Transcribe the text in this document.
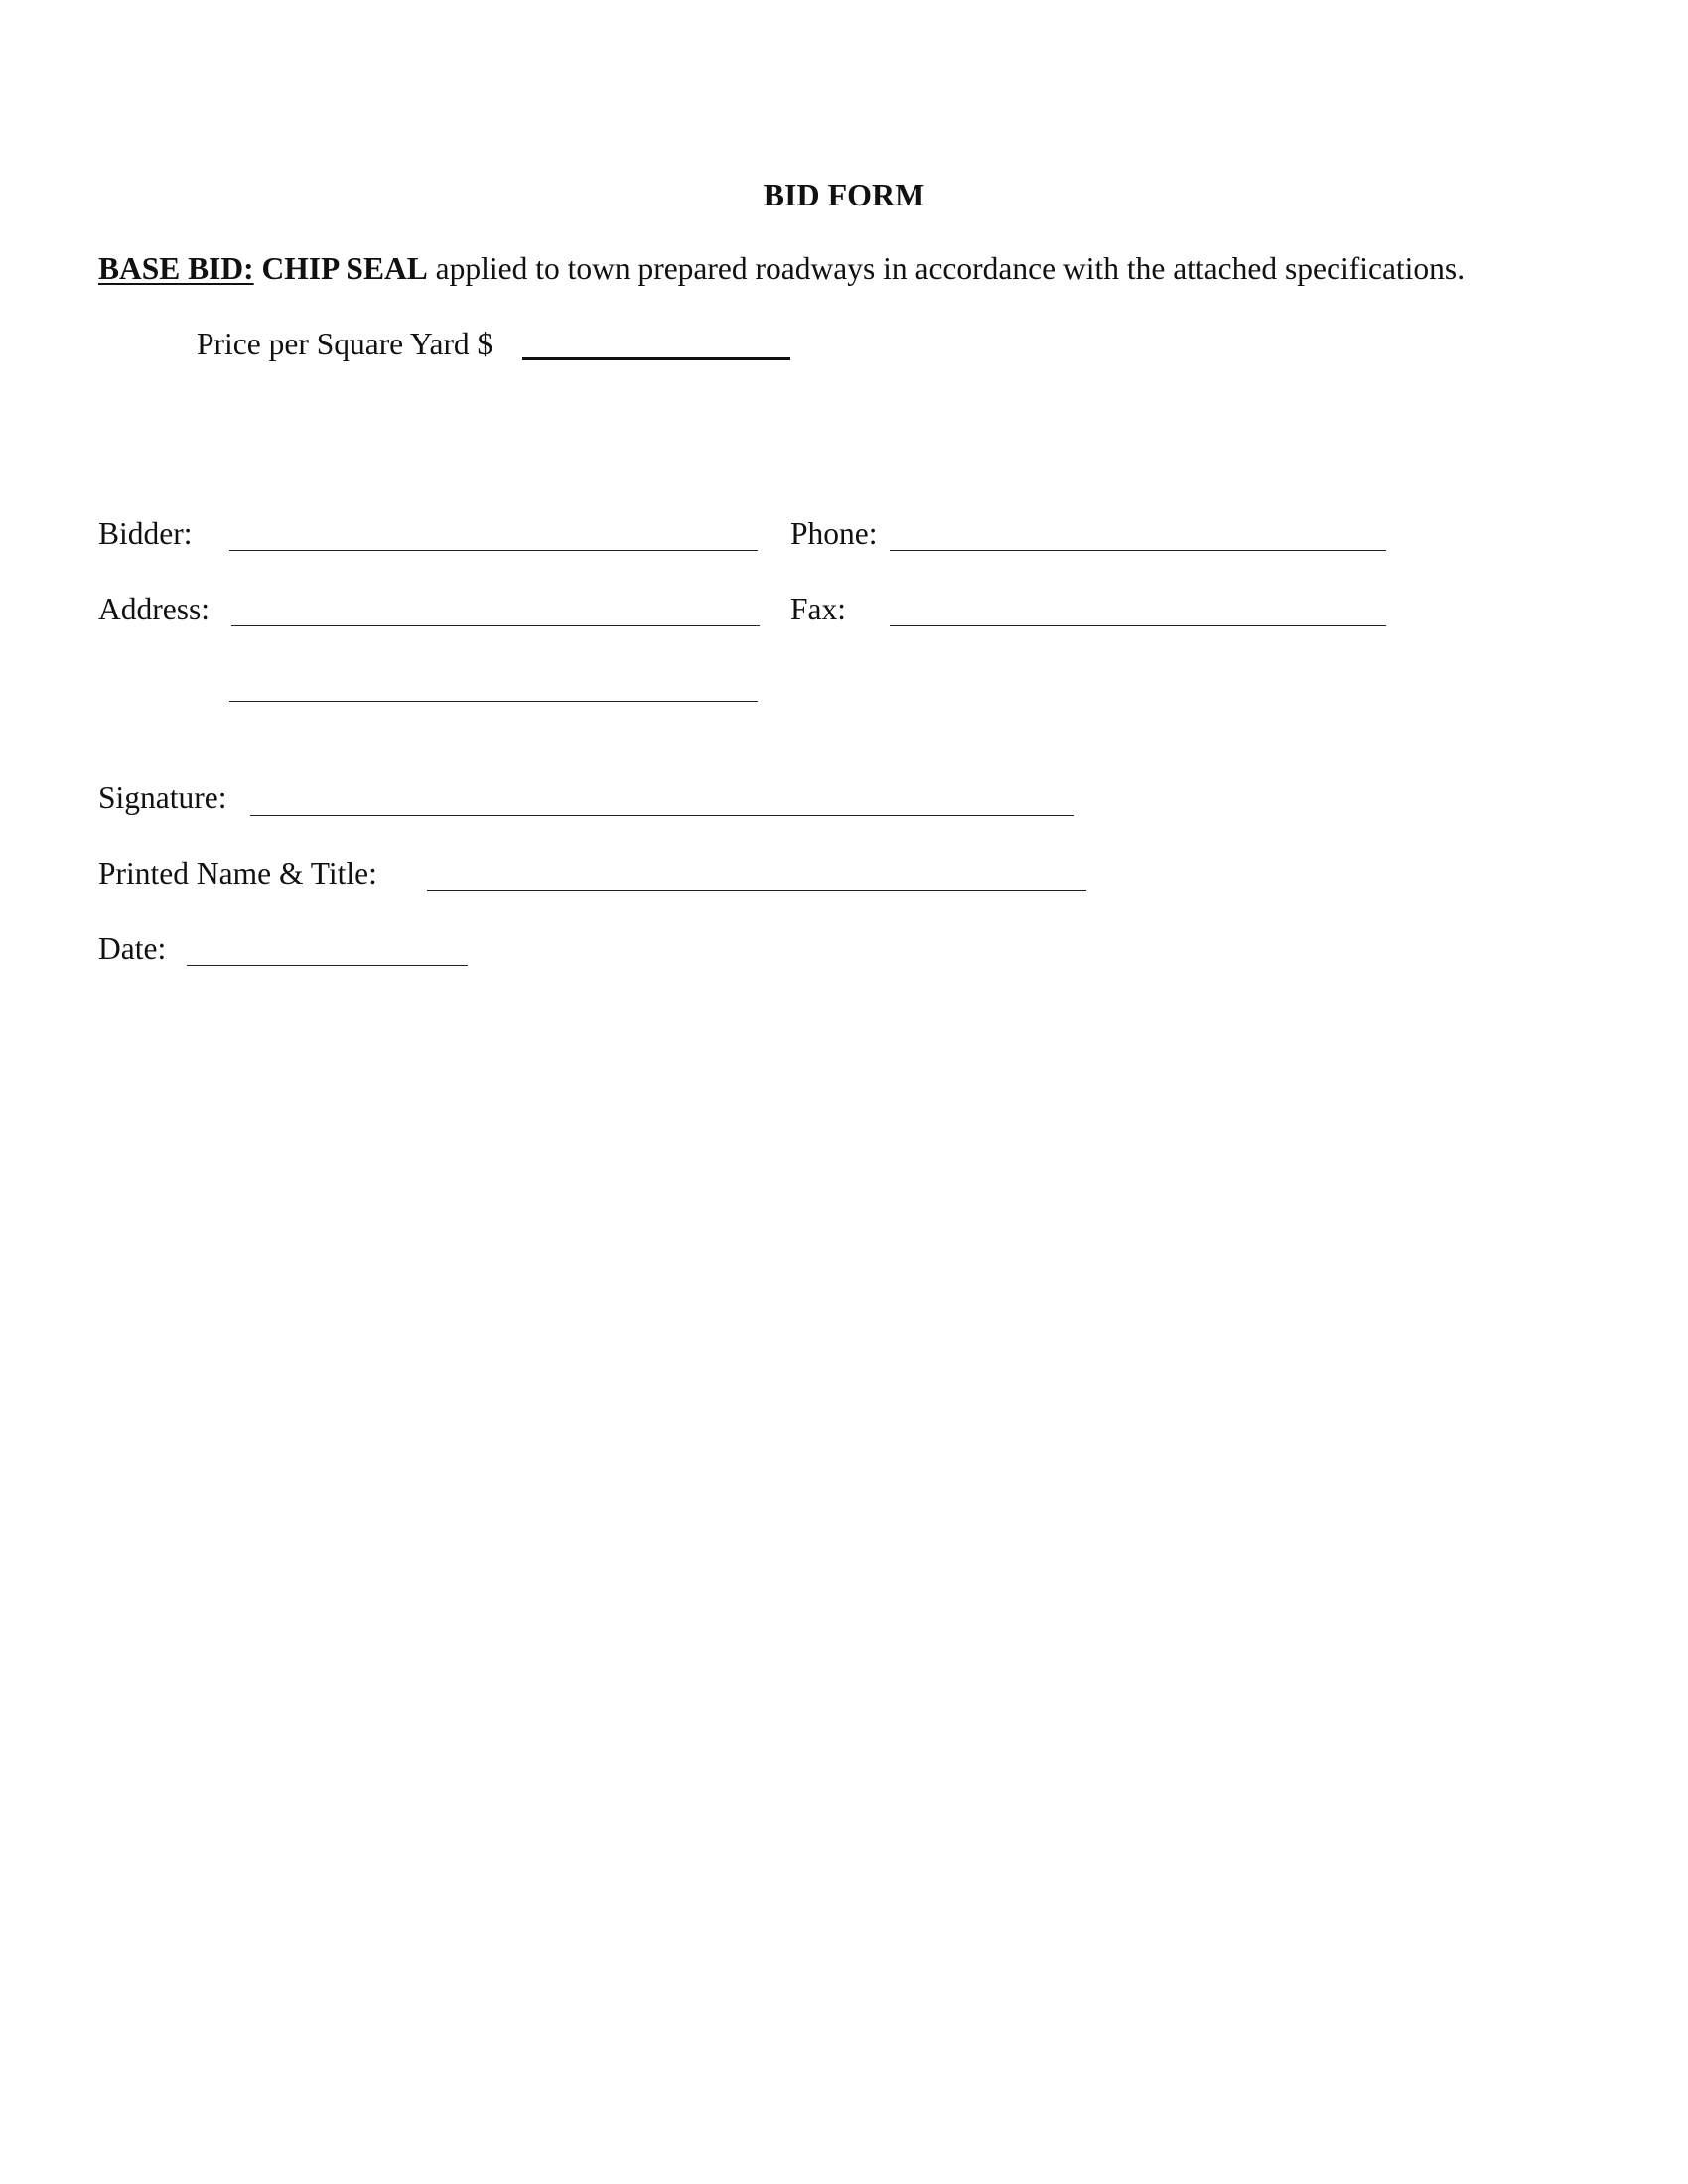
BID FORM
BASE BID: CHIP SEAL applied to town prepared roadways in accordance with the attached specifications.
Price per Square Yard $
Bidder:	Phone:
Address:	Fax:
Signature:
Printed Name & Title:
Date:
